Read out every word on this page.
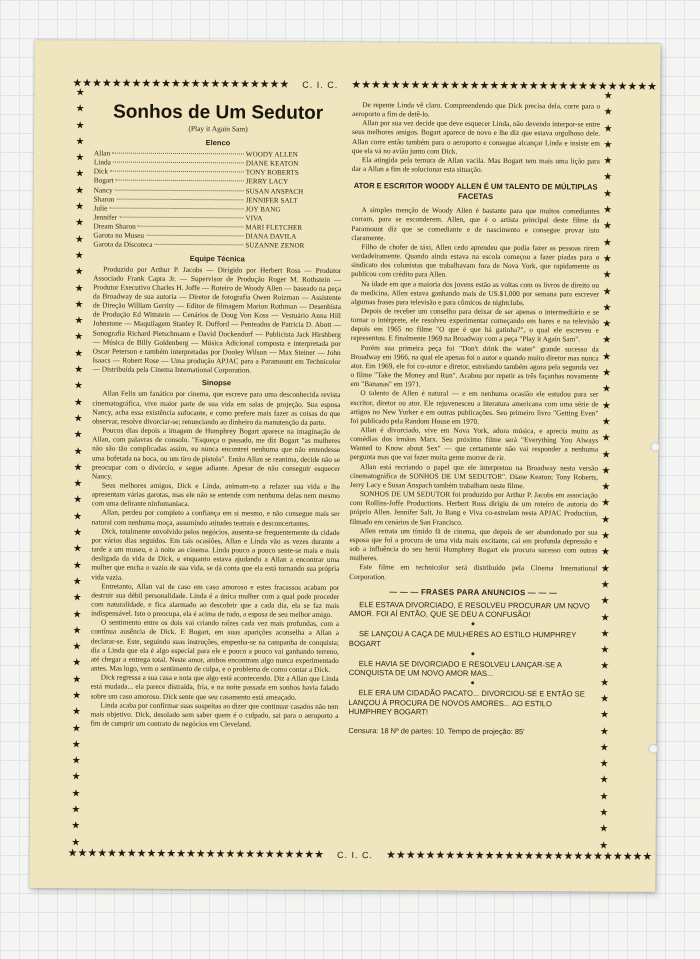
★★★★★★★★★★★★★★★★★★★★★★ C. I. C. ★★★★★★★★★★★★★★★★★★★★★★★★★★★★★★★
★
★
★
★
★
★
★
★
★
★
★
★
★
★
★
★
★
★
★
★
★
★
★
★
★
★
★
★
★
★
★
★
★
★
★
★
★
★
★
★
★
★
★
★
★
★
★
★
★
★
★
★
★
★
★
★
★
★
★
★
★
★
★
★
★
★
★
★
★
★
★
★
★
★
★
★
★
★
★
★
★
★
★
★
★
★
★
★
★
★
★
★
★
★
Sonhos de Um Sedutor
(Play it Again Sam)
Elenco
Allan	WOODY ALLEN
Linda	DIANE KEATON
Dick	TONY ROBERTS
Bogart	JERRY LACY
Nancy	SUSAN ANSPACH
Sharon	JENNIFER SALT
Julie	JOY BANG
Jennifer	VIVA
Dream Sharon	MARI FLETCHER
Garota no Museu	DIANA DAVILA
Garota da Discoteca	SUZANNE ZENOR
Equipe Técnica

Produzido por Arthur P. Jacobs — Dirigido por Herbert Ross — Produtor Associado Frank Capra Jr. — Supervisor de Produção Roger M. Rothstein — Produtor Executivo Charles H. Joffe — Roteiro de Woody Allen — baseado na peça da Broadway de sua autoria — Diretor de fotografia Owen Roizman — Assistente de Direção William Gerrity — Editor de filmagem Marion Rothman — Desenhista de Produção Ed Wittstein — Cenários de Doug Von Koss — Vestuário Anna Hill Johnstone — Maquilagem Stanley R. Dufford — Penteados de Patricia D. Abott — Sonografia Richard Pietschmann e David Dockendorf — Publicista Jack Hirshberg — Música de Billy Goldenberg — Música Adicional composta e interpretada por Oscar Peterson e também interpretadas por Dooley Wilson — Max Steiner — John Isaacs — Robert Rose — Uma produção APJAC para a Paramount em Technicolor — Distribuída pela Cinema International Corporation.

Sinopse

Allan Felix um fanático por cinema, que escreve para uma desconhecida revista cinematográfica, vive maior parte de sua vida em salas de projeção. Sua esposa Nancy, acha essa existência sufocante, e como prefere mais fazer as coisas do que observar, resolve divorciar-se; renunciando ao dinheiro da manutenção da parte.

Poucos dias depois a imagem de Humphrey Bogart aparece na imaginação de Allan, com palavras de consolo. "Esqueça o passado, me diz Bogart "as mulheres não são tão complicadas assim, eu nunca encontrei nenhuma que não entendesse uma bofetada na boca, ou um tiro de pistola". Então Allan se reanima, decide não se preocupar com o divórcio, e segue adiante. Apesar de não conseguir esquecer Nancy.

Seus melhores amigos, Dick e Linda, animam-no a refazer sua vida e lhe apresentam várias garotas, mas ele não se entende com nenhuma delas nem mesmo com uma delirante ninfomaníaca.

Allan, perdeu por completo a confiança em si mesmo, e não consegue mais ser natural com nenhuma moça, assumindo atitudes teatrais e desconcertantes.

Dick, totalmente envolvido pelos negócios, ausenta-se frequentemente da cidade por vários dias seguidos. Em tais ocasiões, Allan e Linda vão as vezes durante a tarde a um museu, e à noite ao cinema. Linda pouco a pouco sente-se mais e mais desligada da vida de Dick, e enquanto estava ajudando a Allan a encontrar uma mulher que encha o vazio de sua vida, se dá conta que ela está tornando sua própria vida vazia.

Entretanto, Allan vai de caso em caso amoroso e estes fracassos acabam por destruir sua débil personalidade. Linda é a única mulher com a qual pode proceder com naturalidade, e fica alarmado ao descobrir que a cada dia, ela se faz mais indispensável. Isto o preocupa, ela é acima de tudo, a esposa de seu melhor amigo.

O sentimento entre os dois vai criando raízes cada vez mais profundas, com a contínua ausência de Dick. E Bogart, em suas aparições aconselha a Allan a declarar-se. Este, seguindo suas instruções, empenha-se na campanha de conquista; dia a Linda que ela é algo especial para ele e pouco a pouco vai ganhando terreno, até chegar a entrega total. Neste amor, ambos encontram algo nunca experimentado antes. Mas logo, vem o sentimento de culpa, e o problema de como contar a Dick.

Dick regressa a sua casa e nota que algo está acontecendo. Diz a Allan que Linda está mudada... ela parece distraída, fria, e na noite passada em sonhos havia falado sobre um caso amoroso. Dick sente que seu casamento está ameaçado.

Linda acaba por confirmar suas suspeitas ao dizer que continuar casados não tem mais objetivo. Dick, desolado sem saber quem é o culpado, sai para o aeroporto a fim de cumprir um contrato de negócios em Cleveland.

De repente Linda vê claro. Compreendendo que Dick precisa dela, corre para o aeroporto a fim de detê-lo.

Allan por sua vez decide que deve esquecer Linda, não devendo interpor-se entre seus melhores amigos. Bogart aparece de novo e lhe diz que estava orgulhoso dele. Allan corre então também para o aeroporto e consegue alcançar Linda e insiste em que ela vá no avião junto com Dick.

Ela atingida pela ternura de Allan vacila. Mas Bogart tem mais uma lição para dar a Allan a fim de solucionar esta situação.

ATOR E ESCRITOR WOODY ALLEN É UM TALENTO DE MÚLTIPLAS FACETAS

A simples menção de Woody Allen é bastante para que muitos comediantes corram, para se esconderem. Allen, que é o artista principal deste filme da Paramount diz que se comediante e de nascimento e consegue provar isto claramente.

Filho de chofer de táxi, Allen cedo aprendeu que podia fazer as pessoas rirem verdadeiramente. Quando ainda estava na escola começou a fazer piadas para o sindicato dos colunistas que trabalhavam fora de Nova York, que rapidamente os publicou com crédito para Allen.

Na idade em que a maioria dos jovens estão as voltas com os livros de direito ou de medicina, Allen estava ganhando mais de US.$1,000 por semana para escrever algumas frases para televisão e para cômicos de nightclubs.

Depois de receber um conselho para deixar de ser apenas o intermediário e se tornar o intérprete, ele resolveu experimentar começando em bares e na televisão depois em 1965 no filme "O que é que há gatinha?", o qual ele escreveu e representou. E finalmente 1969 na Broadway com a peça "Play it Again Sam".

Porém sua primeira peça foi "Don't drink the water" grande sucesso da Broadway em 1966, na qual ele apenas foi o autor e quando muito diretor mas nunca ator. Em 1969, ele foi co-autor e diretor, estrelando também agora pela segunda vez o filme "Take the Money and Run". Acabou por repetir as três façanhas novamente em "Bananas" em 1971.

O talento de Allen é natural — e em nenhuma ocasião ele estudou para ser escritor, diretor ou ator. Ele rejuvenesceu a literatura americana com uma série de artigos no New Yorker e em outras publicações. Seu primeiro livro "Getting Even" foi publicado pela Random House em 1970.

Allan é divorciado, vive em Nova York, adora música, e aprecia muito as comédias dos irmãos Marx. Seu próximo filme será "Everything You Always Wanted to Know about Sex" — que certamente não vai responder a nenhuma pergunta mas que vai fazer muita gente morrer de rir.

Allan está recriando o papel que ele interpretou na Broadway nesta versão cinematográfica de SONHOS DE UM SEDUTOR". Diane Keaton; Tony Roberts, Jerry Lacy e Susan Anspach também trabalham neste filme.

SONHOS DE UM SEDUTOR foi produzido por Arthur P. Jacobs em associação com Rollins-Joffe Productions. Herbert Ross dirigiu de um roteiro de autoria do próprio Allen. Jennifer Salt, Jo Bang e Viva co-estrelam nesta APJAC Production, filmado em cenários de San Francisco.

Allen retrata um tímido fã de cinema, que depois de ser abandonado por sua esposa que foi a procura de uma vida mais excitante, cai em profunda depressão e sob a influência do seu herói Humphrey Bogart ele procura sucesso com outras mulheres.

Este filme em technicolor será distribuído pela Cinema International Corporation.

— — — FRASES PARA ANUNCIOS — — —

ELE ESTAVA DIVORCIADO, E RESOLVEU PROCURAR UM NOVO AMOR. FOI AÍ ENTÃO, QUE SE DEU A CONFUSÃO!

●

SE LANÇOU A CAÇA DE MULHERES AO ESTILO HUMPHREY BOGART

●

ELE HAVIA SE DIVORCIADO E RESOLVEU LANÇAR-SE A CONQUISTA DE UM NOVO AMOR MAS...

●

ELE ERA UM CIDADÃO PACATO... DIVORCIOU-SE E ENTÃO SE LANÇOU À PROCURA DE NOVOS AMORES... AO ESTILO HUMPHREY BOGART!

Censura: 18 Nº de partes: 10. Tempo de projeção: 85'
★★★★★★★★★★★★★★★★★★★★★★★★★★ C. I. C. ★★★★★★★★★★★★★★★★★★★★★★★★★★★
